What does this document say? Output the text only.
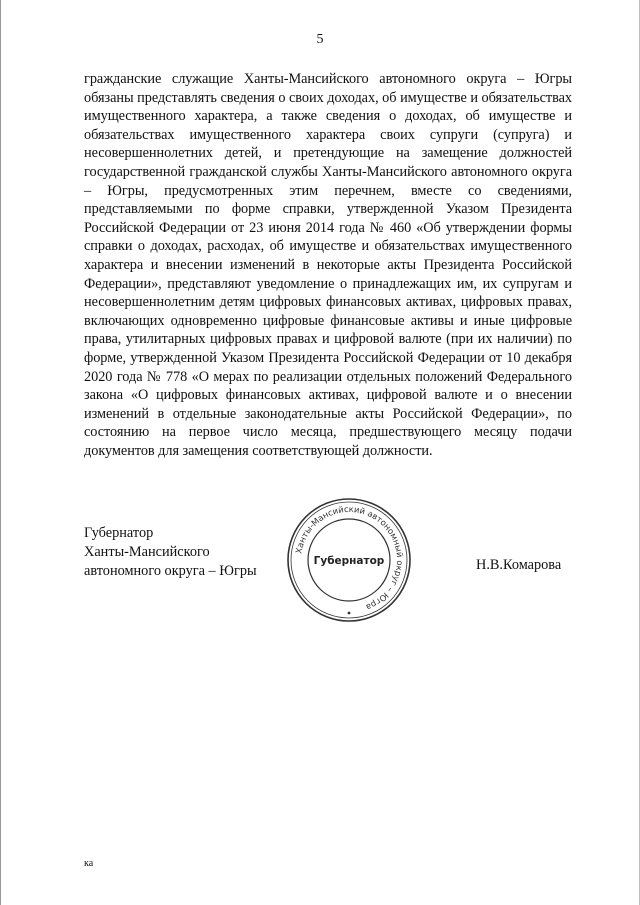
5

гражданские служащие Ханты-Мансийского автономного округа – Югры обязаны представлять сведения о своих доходах, об имуществе и обязательствах имущественного характера, а также сведения о доходах, об имуществе и обязательствах имущественного характера своих супруги (супруга) и несовершеннолетних детей, и претендующие на замещение должностей государственной гражданской службы Ханты-Мансийского автономного округа – Югры, предусмотренных этим перечнем, вместе со сведениями, представляемыми по форме справки, утвержденной Указом Президента Российской Федерации от 23 июня 2014 года № 460 «Об утверждении формы справки о доходах, расходах, об имуществе и обязательствах имущественного характера и внесении изменений в некоторые акты Президента Российской Федерации», представляют уведомление о принадлежащих им, их супругам и несовершеннолетним детям цифровых финансовых активах, цифровых правах, включающих одновременно цифровые финансовые активы и иные цифровые права, утилитарных цифровых правах и цифровой валюте (при их наличии) по форме, утвержденной Указом Президента Российской Федерации от 10 декабря 2020 года № 778 «О мерах по реализации отдельных положений Федерального закона «О цифровых финансовых активах, цифровой валюте и о внесении изменений в отдельные законодательные акты Российской Федерации», по состоянию на первое число месяца, предшествующего месяцу подачи документов для замещения соответствующей должности.

Губернатор
Ханты-Мансийского
автономного округа – Югры
Ханты-Мансийский автономный округ – Югра
Губернатор	Н.В.Комарова
ка
